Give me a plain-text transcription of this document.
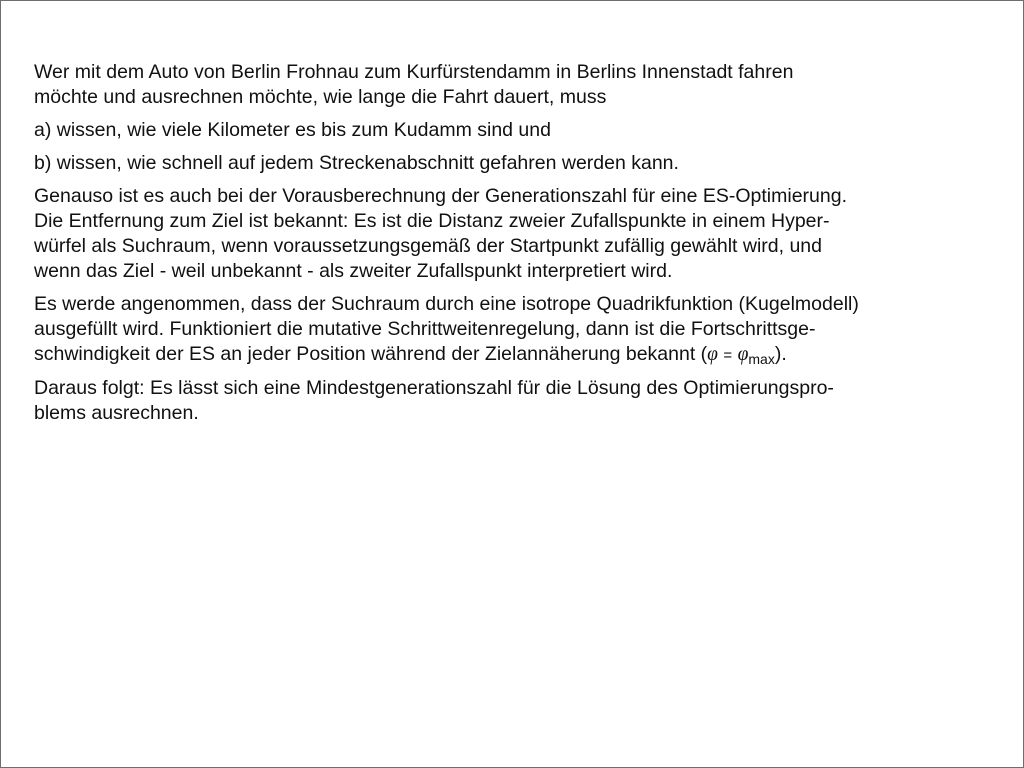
Wer mit dem Auto von Berlin Frohnau zum Kurfürstendamm in Berlins Innenstadt fahren
möchte und ausrechnen möchte, wie lange die Fahrt dauert, muss

a) wissen, wie viele Kilometer es bis zum Kudamm sind und

b) wissen, wie schnell auf jedem Streckenabschnitt gefahren werden kann.

Genauso ist es auch bei der Vorausberechnung der Generationszahl für eine ES-Optimierung.
Die Entfernung zum Ziel ist bekannt: Es ist die Distanz zweier Zufallspunkte in einem Hyper-
würfel als Suchraum, wenn voraussetzungsgemäß der Startpunkt zufällig gewählt wird, und
wenn das Ziel - weil unbekannt - als zweiter Zufallspunkt interpretiert wird.

Es werde angenommen, dass der Suchraum durch eine isotrope Quadrikfunktion (Kugelmodell)
ausgefüllt wird. Funktioniert die mutative Schrittweitenregelung, dann ist die Fortschrittsge-
schwindigkeit der ES an jeder Position während der Zielannäherung bekannt $(\varphi = \varphi_{max})$.

Daraus folgt: Es lässt sich eine Mindestgenerationszahl für die Lösung des Optimierungspro-
blems ausrechnen.
